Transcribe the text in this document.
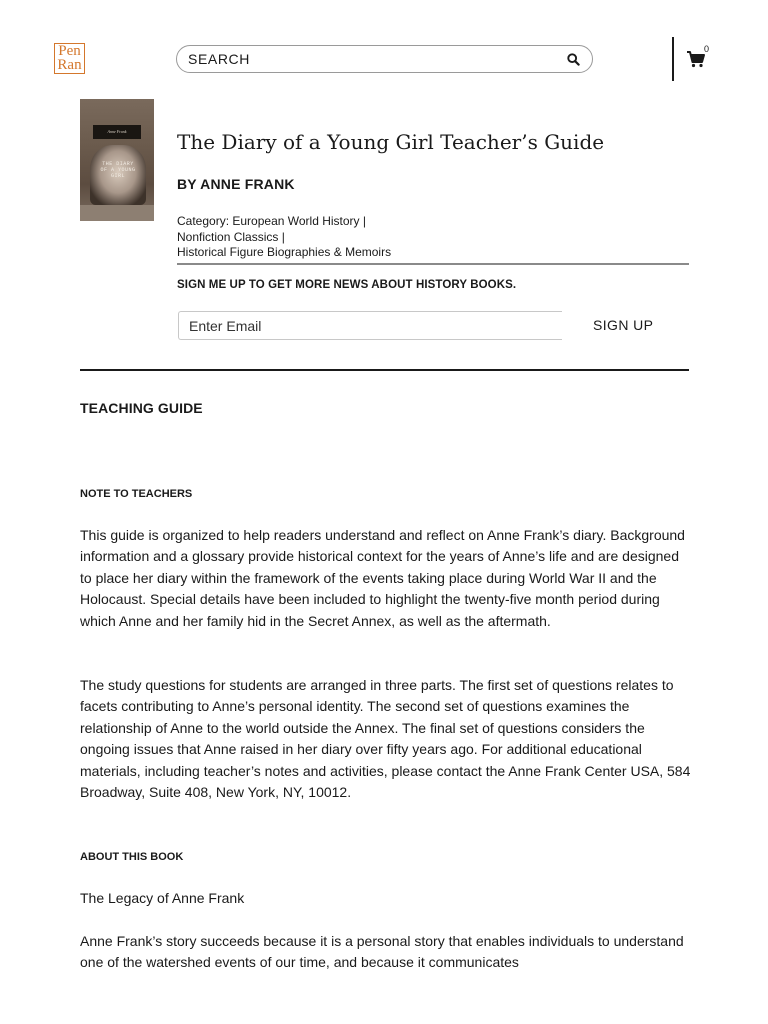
Pen
Ran
SEARCH
0
Anne Frank
THE DIARY
OF A YOUNG GIRL
The Diary of a Young Girl Teacher’s Guide
BY ANNE FRANK
Category: European World History |
Nonfiction Classics |
Historical Figure Biographies & Memoirs
SIGN ME UP TO GET MORE NEWS ABOUT HISTORY BOOKS.
Enter Email
SIGN UP
TEACHING GUIDE
NOTE TO TEACHERS

This guide is organized to help readers understand and reflect on Anne Frank’s diary. Background information and a glossary provide historical context for the years of Anne’s life and are designed to place her diary within the framework of the events taking place during World War II and the Holocaust. Special details have been included to highlight the twenty-five month period during which Anne and her family hid in the Secret Annex, as well as the aftermath.

The study questions for students are arranged in three parts. The first set of questions relates to facets contributing to Anne’s personal identity. The second set of questions examines the relationship of Anne to the world outside the Annex. The final set of questions considers the ongoing issues that Anne raised in her diary over fifty years ago. For additional educational materials, including teacher’s notes and activities, please contact the Anne Frank Center USA, 584 Broadway, Suite 408, New York, NY, 10012.

ABOUT THIS BOOK

The Legacy of Anne Frank

Anne Frank’s story succeeds because it is a personal story that enables individuals to understand one of the watershed events of our time, and because it communicates
